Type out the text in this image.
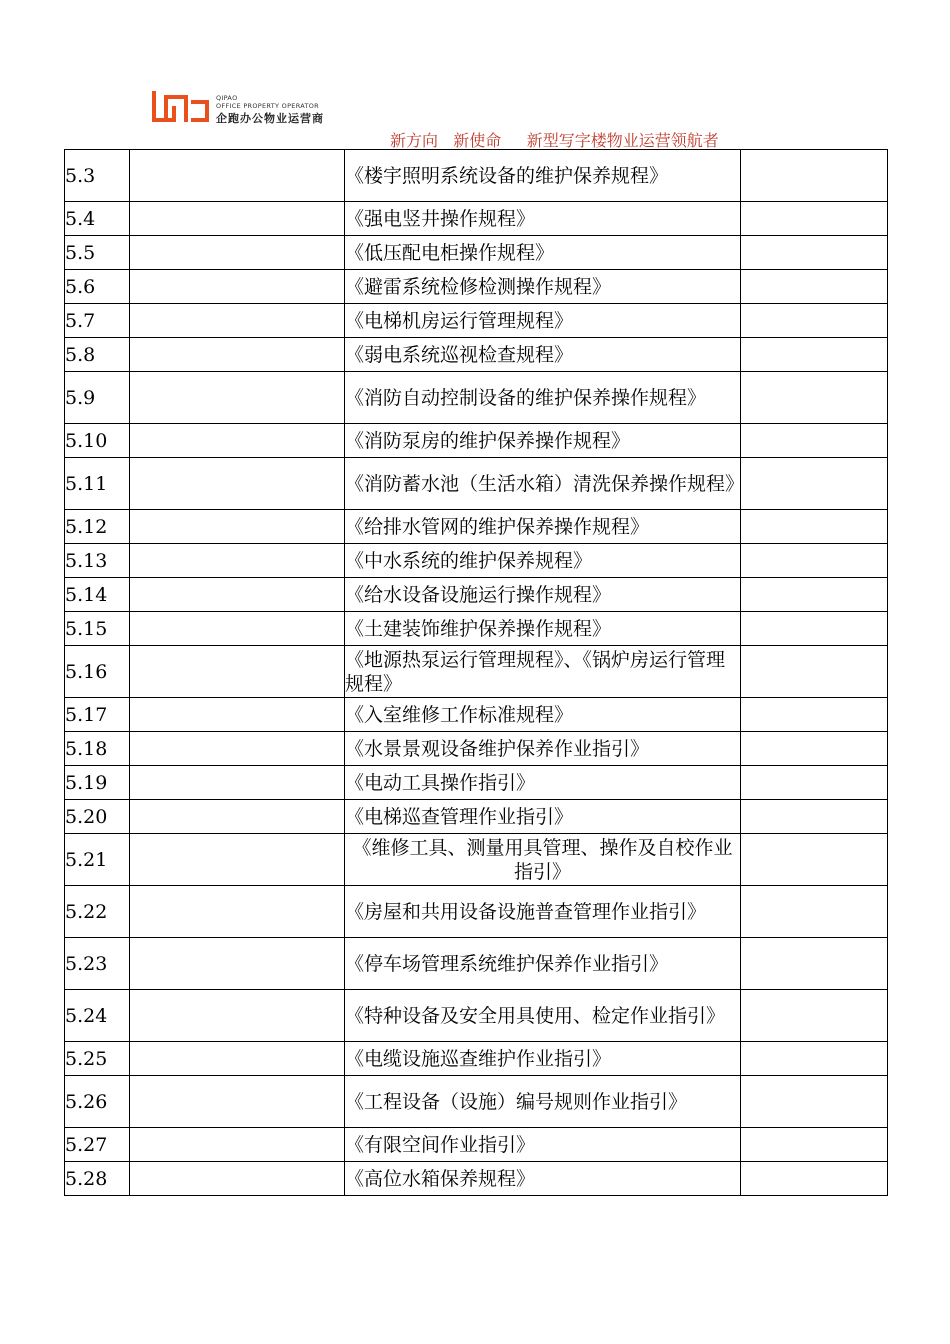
QIPAO
OFFICE PROPERTY OPERATOR
企跑办公物业运营商
新方向   新使命     新型写字楼物业运营领航者
5.3		《楼宇照明系统设备的维护保养规程》	
5.4		《强电竖井操作规程》	
5.5		《低压配电柜操作规程》	
5.6		《避雷系统检修检测操作规程》	
5.7		《电梯机房运行管理规程》	
5.8		《弱电系统巡视检查规程》	
5.9		《消防自动控制设备的维护保养操作规程》	
5.10		《消防泵房的维护保养操作规程》	
5.11		《消防蓄水池（生活水箱）清洗保养操作规程》	
5.12		《给排水管网的维护保养操作规程》	
5.13		《中水系统的维护保养规程》	
5.14		《给水设备设施运行操作规程》	
5.15		《土建装饰维护保养操作规程》	
5.16		《地源热泵运行管理规程》、《锅炉房运行管理规程》	
5.17		《入室维修工作标准规程》	
5.18		《水景景观设备维护保养作业指引》	
5.19		《电动工具操作指引》	
5.20		《电梯巡查管理作业指引》	
5.21		《维修工具、测量用具管理、操作及自校作业指引》	
5.22		《房屋和共用设备设施普查管理作业指引》	
5.23		《停车场管理系统维护保养作业指引》	
5.24		《特种设备及安全用具使用、检定作业指引》	
5.25		《电缆设施巡查维护作业指引》	
5.26		《工程设备（设施）编号规则作业指引》	
5.27		《有限空间作业指引》	
5.28		《高位水箱保养规程》	
